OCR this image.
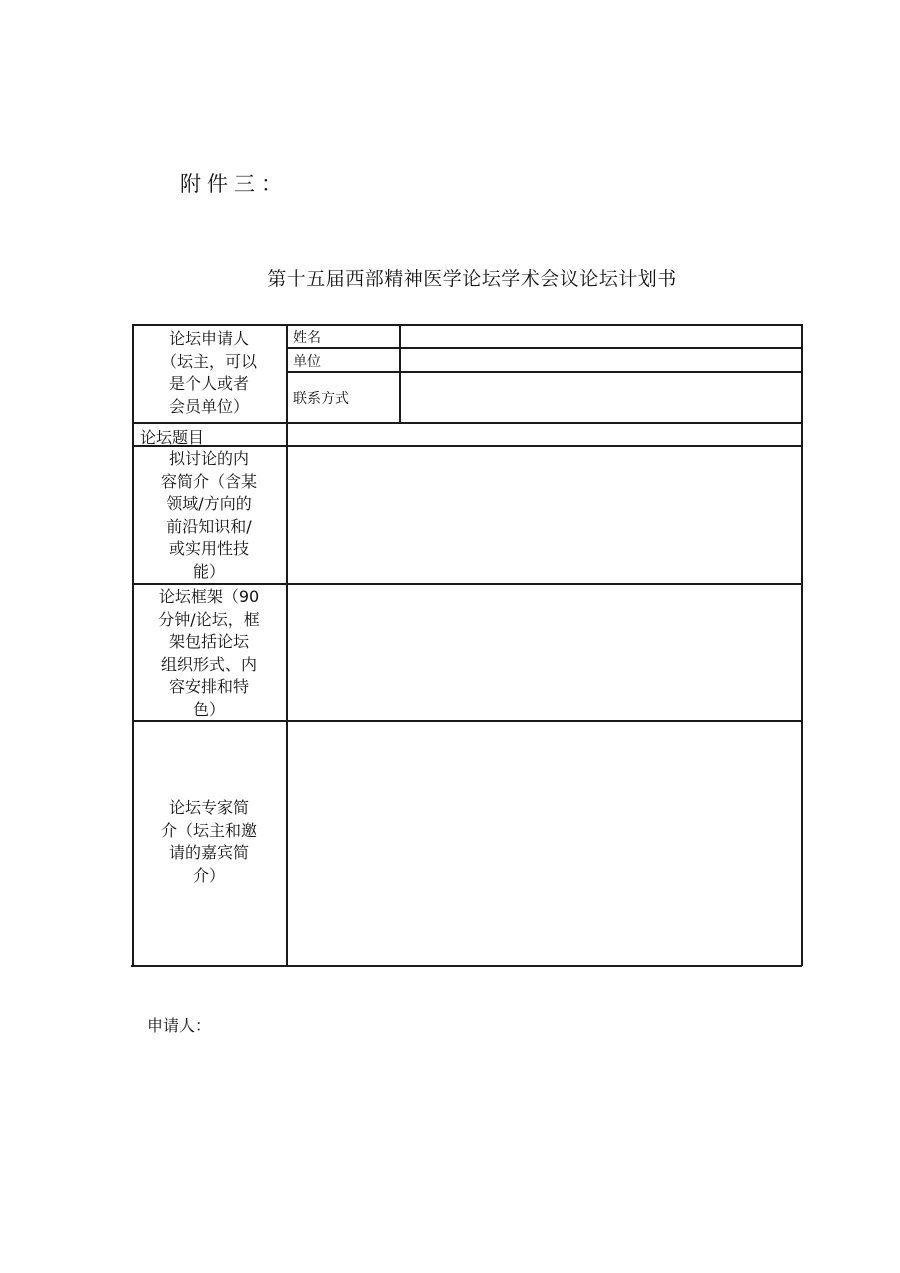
附件三：
第十五届西部精神医学论坛学术会议论坛计划书
论坛申请人
（坛主，可以
是个人或者
会员单位）
姓名
单位
联系方式
论坛题目
拟讨论的内
容简介（含某
领域/方向的
前沿知识和/
或实用性技
能）
论坛框架（90
分钟/论坛，框
架包括论坛
组织形式、内
容安排和特
色）
论坛专家简
介（坛主和邀
请的嘉宾简
介）
申请人：
